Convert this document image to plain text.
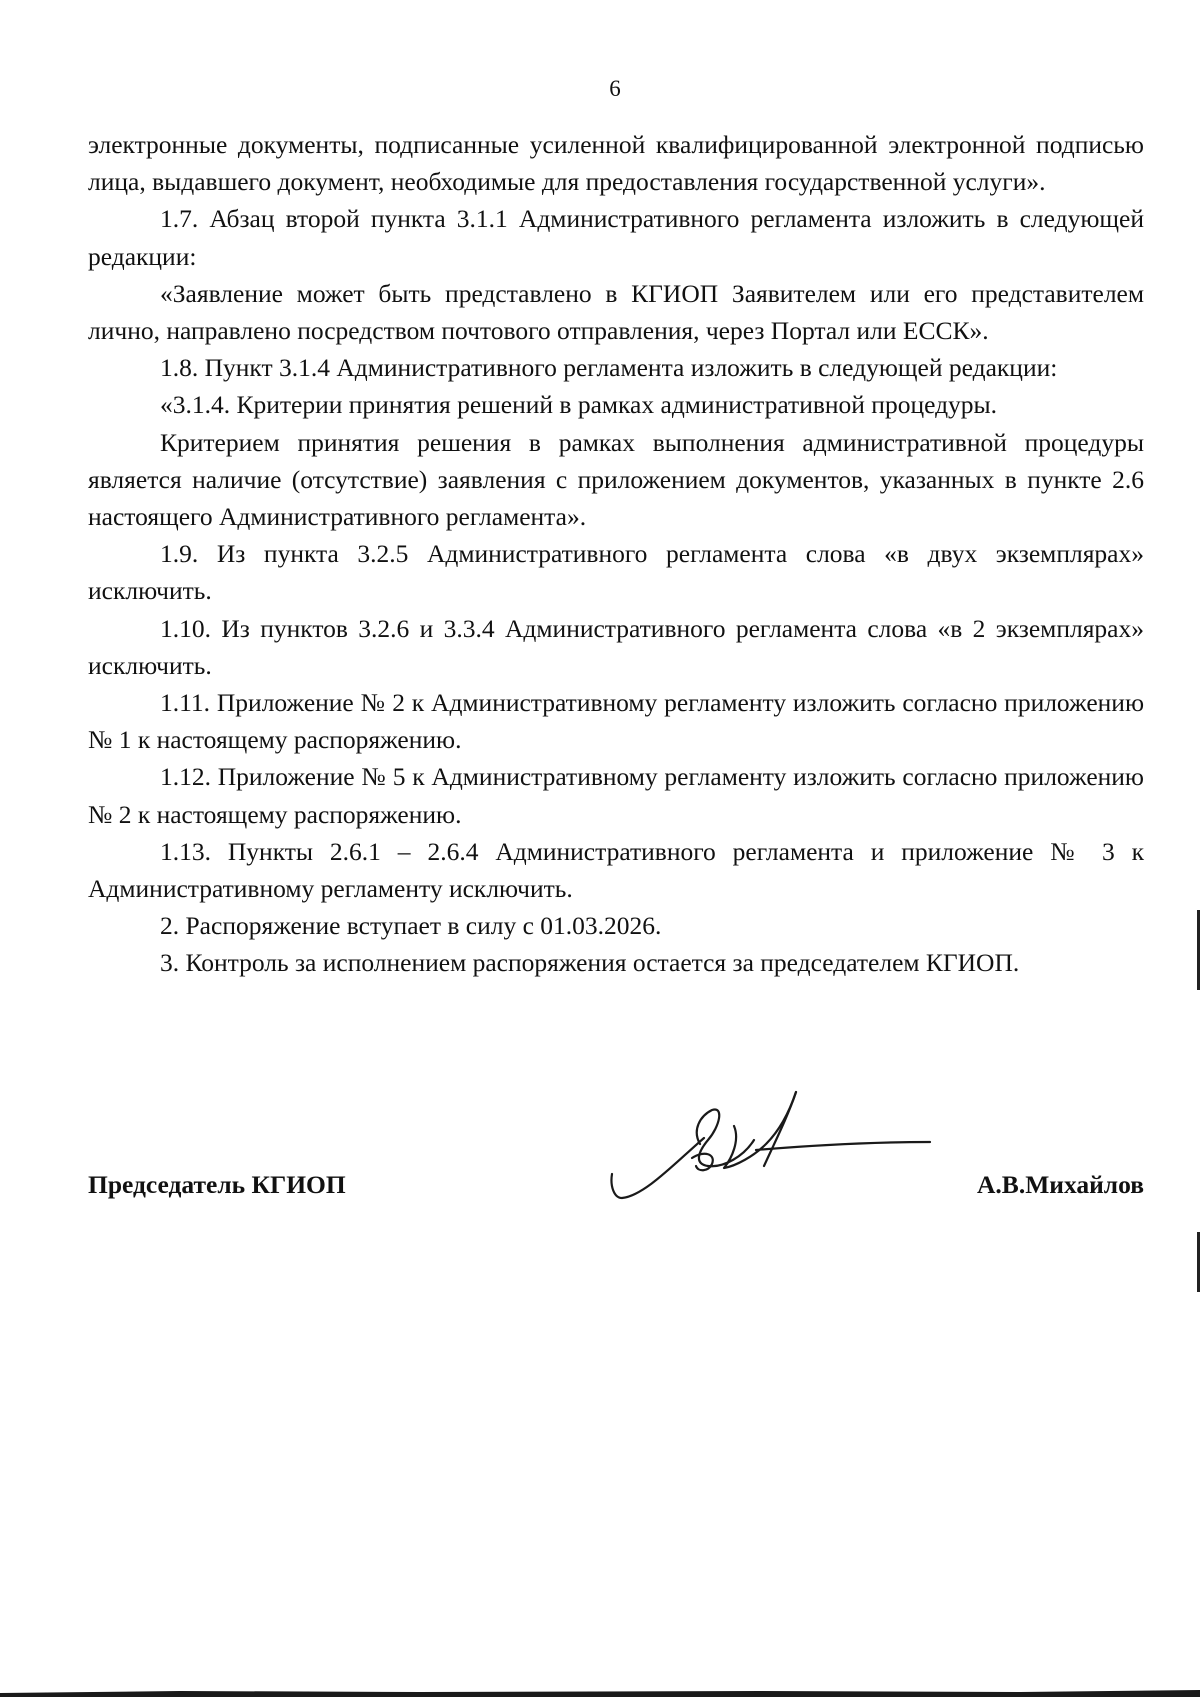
6

электронные документы, подписанные усиленной квалифицированной электронной подписью лица, выдавшего документ, необходимые для предоставления государственной услуги».

1.7. Абзац второй пункта 3.1.1 Административного регламента изложить в следующей редакции:

«Заявление может быть представлено в КГИОП Заявителем или его представителем лично, направлено посредством почтового отправления, через Портал или ЕССК».

1.8. Пункт 3.1.4 Административного регламента изложить в следующей редакции:

«3.1.4. Критерии принятия решений в рамках административной процедуры.

Критерием принятия решения в рамках выполнения административной процедуры является наличие (отсутствие) заявления с приложением документов, указанных в пункте 2.6 настоящего Административного регламента».

1.9. Из пункта 3.2.5 Административного регламента слова «в двух экземплярах» исключить.

1.10. Из пунктов 3.2.6 и 3.3.4 Административного регламента слова «в 2 экземплярах» исключить.

1.11. Приложение № 2 к Административному регламенту изложить согласно приложению № 1 к настоящему распоряжению.

1.12. Приложение № 5 к Административному регламенту изложить согласно приложению № 2 к настоящему распоряжению.

1.13. Пункты 2.6.1 – 2.6.4 Административного регламента и приложение № 3 к Административному регламенту исключить.

2. Распоряжение вступает в силу с 01.03.2026.

3. Контроль за исполнением распоряжения остается за председателем КГИОП.

Председатель КГИОП	А.В.Михайлов
